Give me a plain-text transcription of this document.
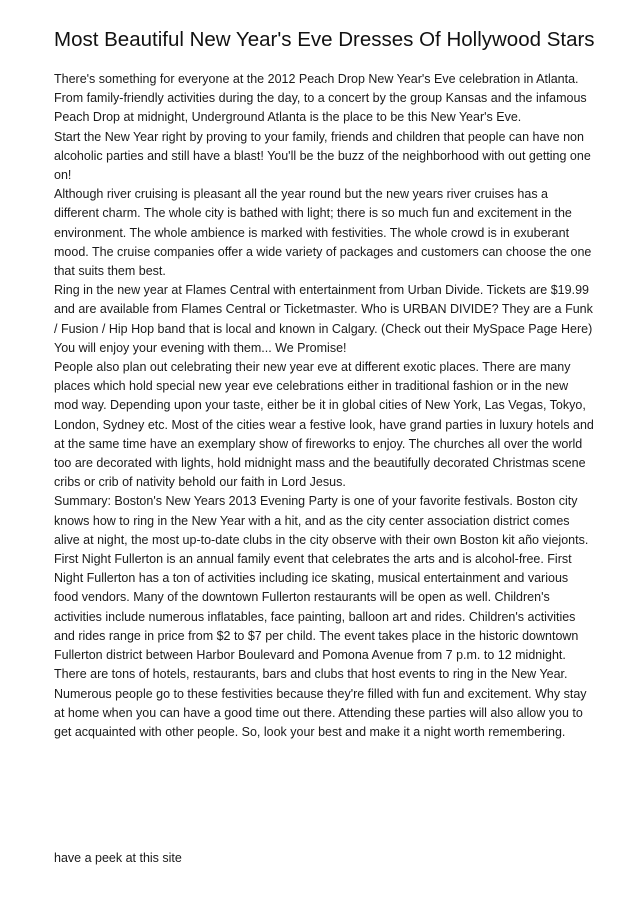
Most Beautiful New Year's Eve Dresses Of Hollywood Stars

There's something for everyone at the 2012 Peach Drop New Year's Eve celebration in Atlanta. From family-friendly activities during the day, to a concert by the group Kansas and the infamous Peach Drop at midnight, Underground Atlanta is the place to be this New Year's Eve.

Start the New Year right by proving to your family, friends and children that people can have non alcoholic parties and still have a blast! You'll be the buzz of the neighborhood with out getting one on!

Although river cruising is pleasant all the year round but the new years river cruises has a different charm. The whole city is bathed with light; there is so much fun and excitement in the environment. The whole ambience is marked with festivities. The whole crowd is in exuberant mood. The cruise companies offer a wide variety of packages and customers can choose the one that suits them best.

Ring in the new year at Flames Central with entertainment from Urban Divide. Tickets are $19.99 and are available from Flames Central or Ticketmaster. Who is URBAN DIVIDE? They are a Funk / Fusion / Hip Hop band that is local and known in Calgary. (Check out their MySpace Page Here) You will enjoy your evening with them... We Promise!

People also plan out celebrating their new year eve at different exotic places. There are many places which hold special new year eve celebrations either in traditional fashion or in the new mod way. Depending upon your taste, either be it in global cities of New York, Las Vegas, Tokyo, London, Sydney etc. Most of the cities wear a festive look, have grand parties in luxury hotels and at the same time have an exemplary show of fireworks to enjoy. The churches all over the world too are decorated with lights, hold midnight mass and the beautifully decorated Christmas scene cribs or crib of nativity behold our faith in Lord Jesus.

Summary: Boston's New Years 2013 Evening Party is one of your favorite festivals. Boston city knows how to ring in the New Year with a hit, and as the city center association district comes alive at night, the most up-to-date clubs in the city observe with their own Boston kit año viejonts.

First Night Fullerton is an annual family event that celebrates the arts and is alcohol-free. First Night Fullerton has a ton of activities including ice skating, musical entertainment and various food vendors. Many of the downtown Fullerton restaurants will be open as well. Children's activities include numerous inflatables, face painting, balloon art and rides. Children's activities and rides range in price from $2 to $7 per child. The event takes place in the historic downtown Fullerton district between Harbor Boulevard and Pomona Avenue from 7 p.m. to 12 midnight.

There are tons of hotels, restaurants, bars and clubs that host events to ring in the New Year. Numerous people go to these festivities because they're filled with fun and excitement. Why stay at home when you can have a good time out there. Attending these parties will also allow you to get acquainted with other people. So, look your best and make it a night worth remembering.

have a peek at this site
